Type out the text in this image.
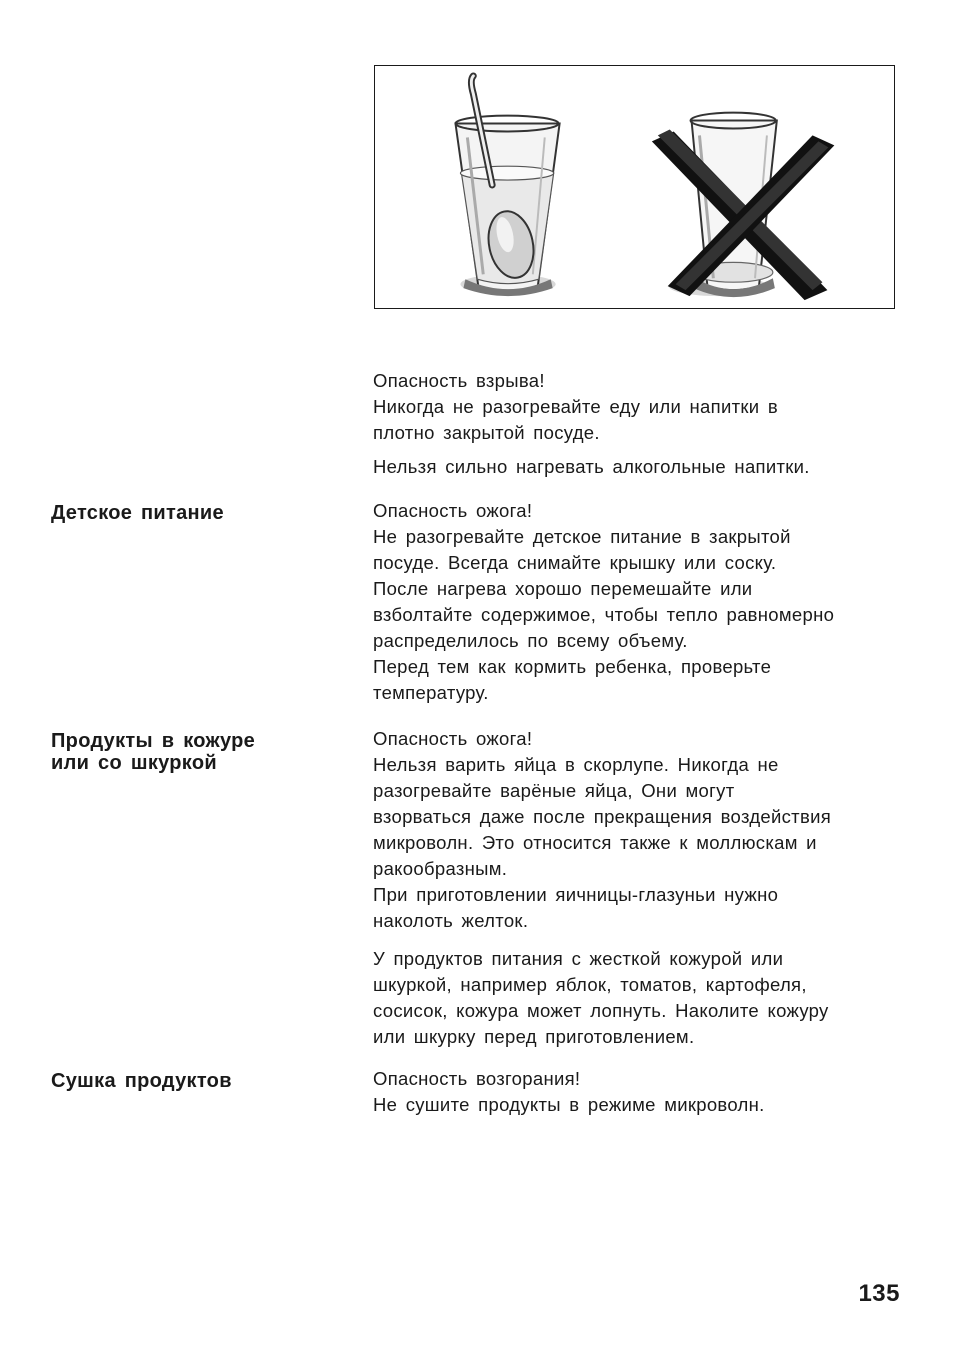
Опасность взрыва!
Никогда не разогревайте еду или напитки в
плотно закрытой посуде.
Нельзя сильно нагревать алкогольные напитки.
Детское питание	Опасность ожога!
Не разогревайте детское питание в закрытой
посуде. Всегда снимайте крышку или соску.
После нагрева хорошо перемешайте или
взболтайте содержимое, чтобы тепло равномерно
распределилось по всему объему.
Перед тем как кормить ребенка, проверьте
температуру.
Продукты в кожуре
или со шкуркой
Опасность ожога!
Нельзя варить яйца в скорлупе. Никогда не
разогревайте варёные яйца, Они могут
взорваться даже после прекращения воздействия
микроволн. Это относится также к моллюскам и
ракообразным.
При приготовлении яичницы-глазуньи нужно
наколоть желток.
У продуктов питания с жесткой кожурой или
шкуркой, например яблок, томатов, картофеля,
сосисок, кожура может лопнуть. Наколите кожуру
или шкурку перед приготовлением.
Сушка продуктов	Опасность возгорания!
Не сушите продукты в режиме микроволн.
135
